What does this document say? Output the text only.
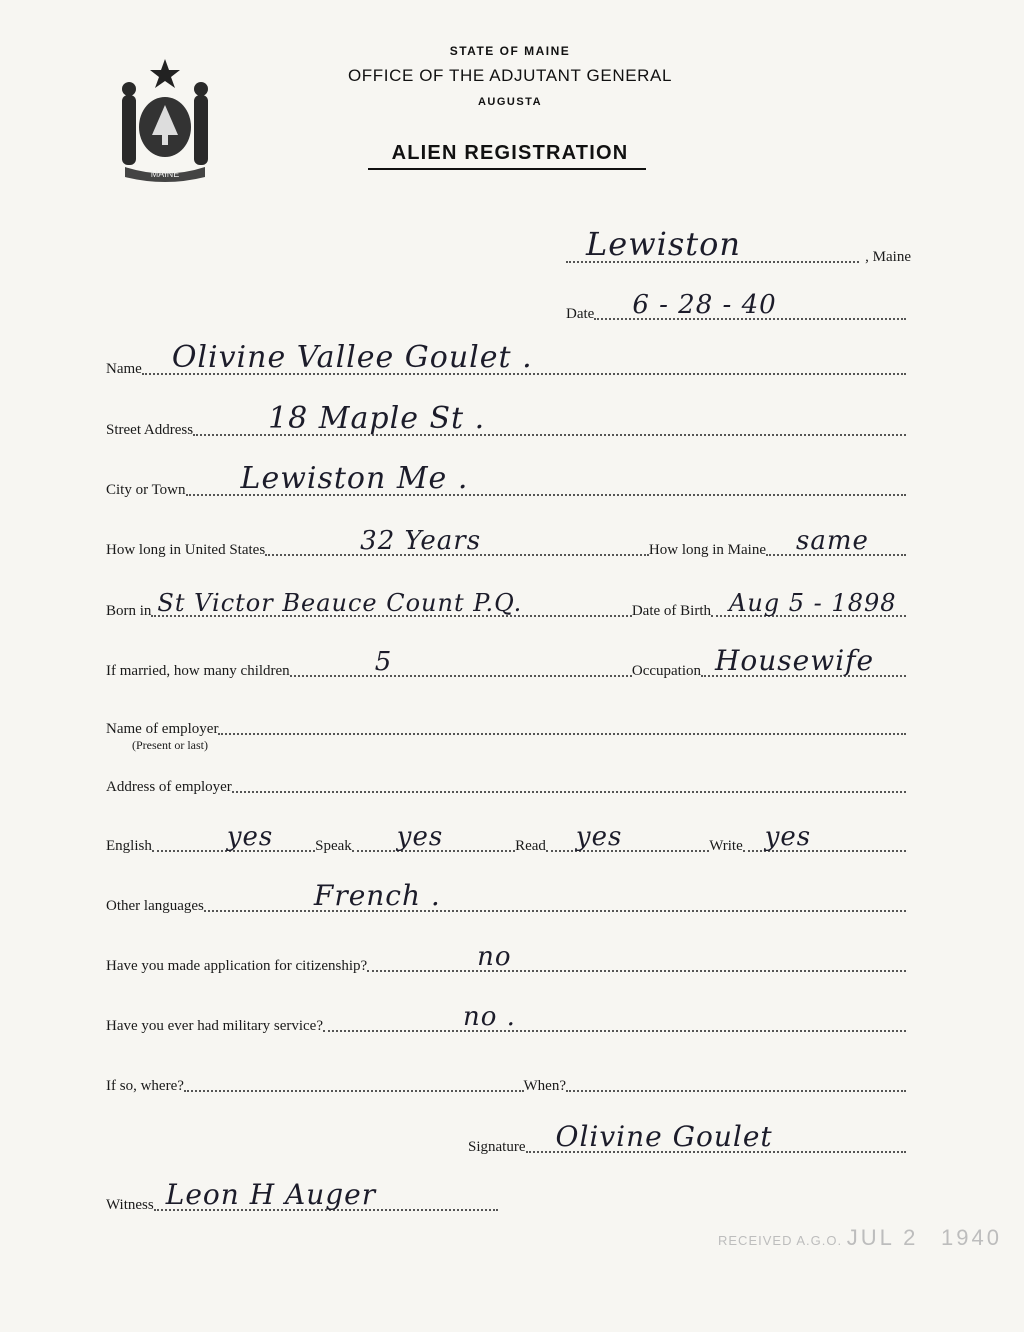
MAINE
STATE OF MAINE
OFFICE OF THE ADJUTANT GENERAL
AUGUSTA
ALIEN REGISTRATION
Lewiston	, Maine
Date 6 - 28 - 40
Name Olivine Vallee Goulet .
Street Address	18 Maple St .
City or Town Lewiston Me .
How long in United States	32 Years	How long in Maine same
Born in St Victor Beauce Count P.Q.	Date of Birth Aug 5 - 1898
If married, how many children	5	Occupation Housewife
Name of employer
(Present or last)
Address of employer
English	yes	Speak yes	Read yes	Write yes
Other languages	French .
Have you made application for citizenship?	no
Have you ever had military service?	no .
If so, where?	When?
Signature Olivine Goulet
Witness Leon H Auger
RECEIVED A.G.O. JUL 2 1940
